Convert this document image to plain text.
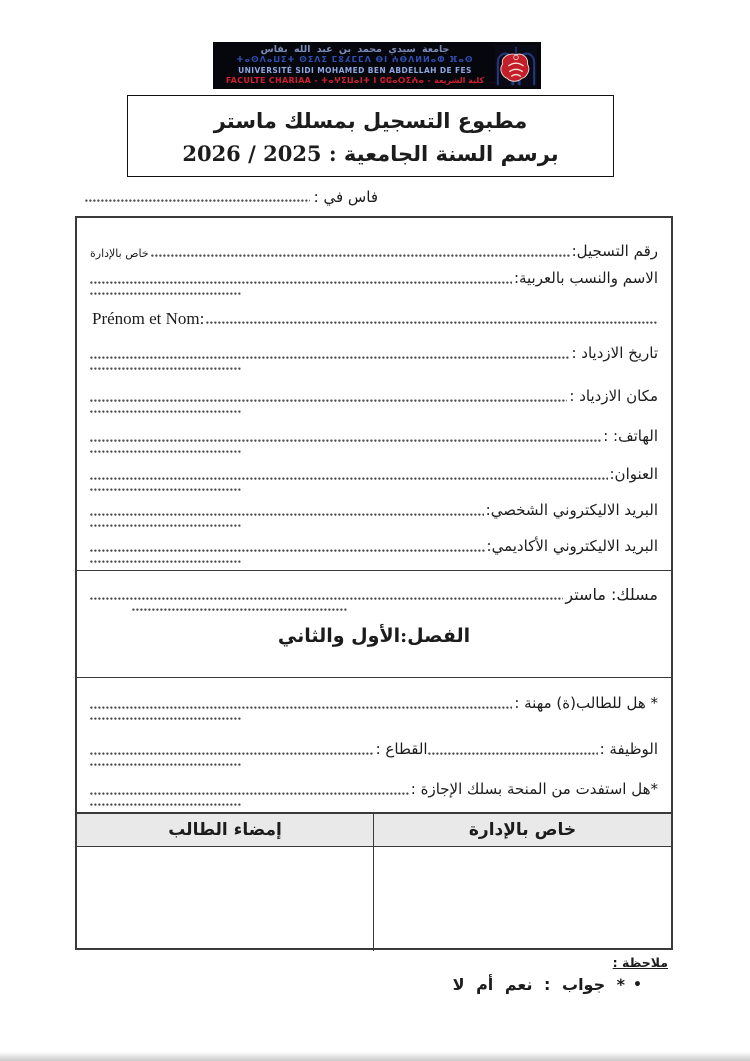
جامعة سيدي محمد بن عبد الله بفاس
ⵜⴰⵙⴷⴰⵡⵉⵜ ⵙⵉⴷⵉ ⵎⵓⵃⵎⵎⴷ ⴱⵏ ⵄⴱⴷⵍⵍⴰⵀ ⴼⴰⵙ
UNIVERSITÉ SIDI MOHAMED BEN ABDELLAH DE FES
FACULTE CHARIAA - ⵜⴰⵖⵉⵡⴰⵏⵜ ⵏ ⵛⵛⴰⵔⵉⵄⴰ - كلية الشريعة
مطبوع التسجيل بمسلك ماستر
برسم السنة الجامعية : 2025 / 2026
فاس في :
رقم التسجيل:
خاص بالإدارة
الاسم والنسب بالعربية:
Prénom et Nom:
تاريخ الازدياد :
مكان الازدياد :
الهاتف: :
العنوان:
البريد الاليكتروني الشخصي:
البريد الاليكتروني الأكاديمي:
مسلك: ماستر
الفصل:الأول والثاني
* هل للطالب(ة) مهنة :
الوظيفة :
القطاع :
*هل استفدت من المنحة بسلك الإجازة :
خاص بالإدارة
إمضاء الطالب
ملاحظة :
•
* جواب : نعم أم لا
